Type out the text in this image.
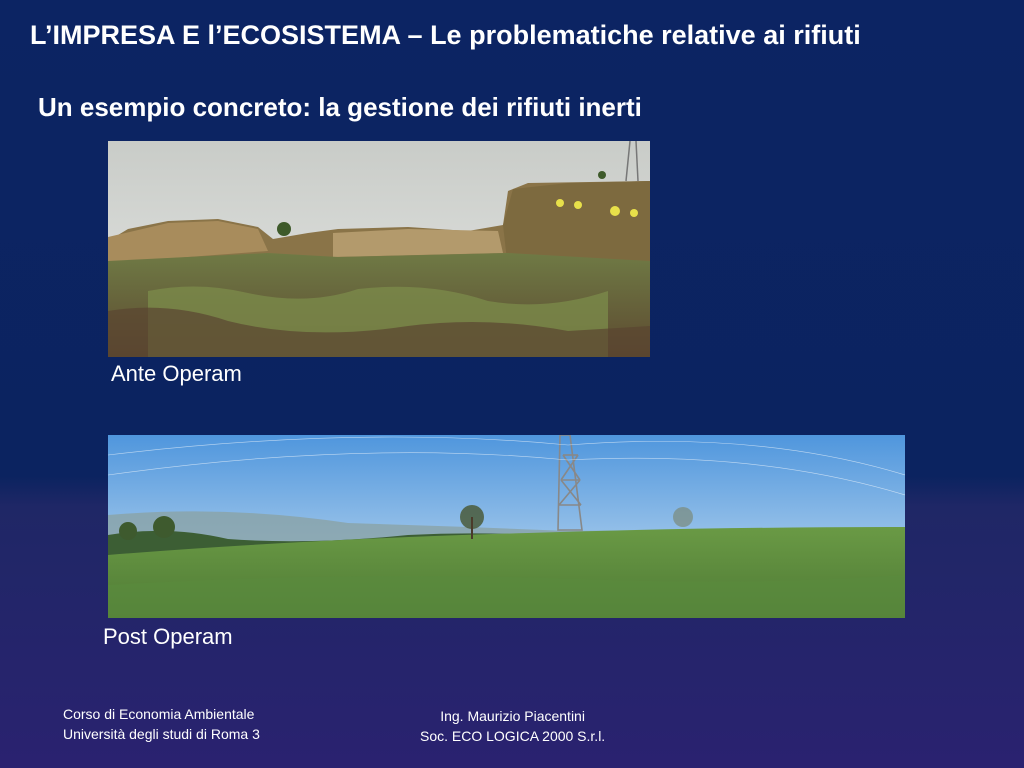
L’IMPRESA E l’ECOSISTEMA – Le problematiche relative ai rifiuti
Un esempio concreto: la gestione dei rifiuti inerti
Ante Operam
Post Operam
Corso di Economia Ambientale
Università degli studi di Roma 3
Ing. Maurizio Piacentini
Soc. ECO LOGICA 2000 S.r.l.
